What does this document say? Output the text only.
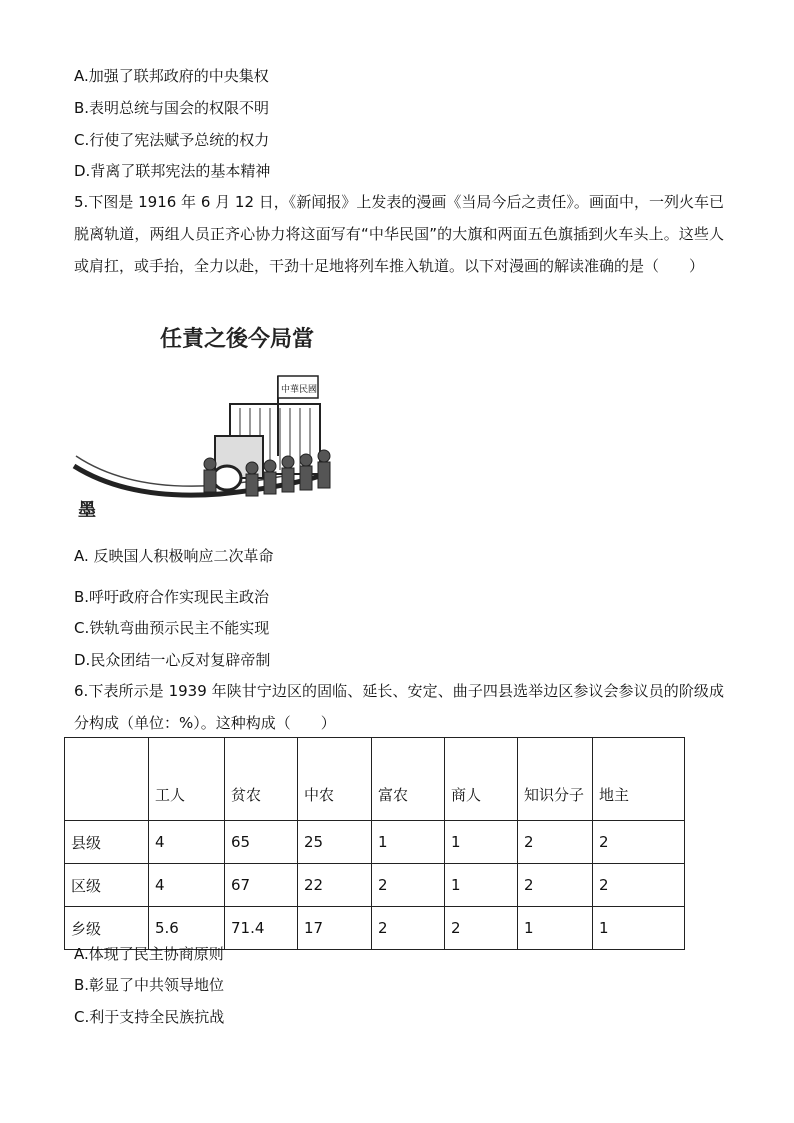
A.加强了联邦政府的中央集权
B.表明总统与国会的权限不明
C.行使了宪法赋予总统的权力
D.背离了联邦宪法的基本精神
5.下图是 1916 年 6 月 12 日，《新闻报》上发表的漫画《当局今后之责任》。画面中，一列火车已脱离轨道，两组人员正齐心协力将这面写有“中华民国”的大旗和两面五色旗插到火车头上。这些人或肩扛，或手抬，全力以赴，干劲十足地将列车推入轨道。以下对漫画的解读准确的是（　　）
任責之後今局當
中華民國
墨
A. 反映国人积极响应二次革命
B.呼吁政府合作实现民主政治
C.铁轨弯曲预示民主不能实现
D.民众团结一心反对复辟帝制
6.下表所示是 1939 年陕甘宁边区的固临、延长、安定、曲子四县选举边区参议会参议员的阶级成分构成（单位：%）。这种构成（　　）
	工人	贫农	中农	富农	商人	知识分子	地主
县级	4	65	25	1	1	2	2
区级	4	67	22	2	1	2	2
乡级	5.6	71.4	17	2	2	1	1
A.体现了民主协商原则
B.彰显了中共领导地位
C.利于支持全民族抗战
